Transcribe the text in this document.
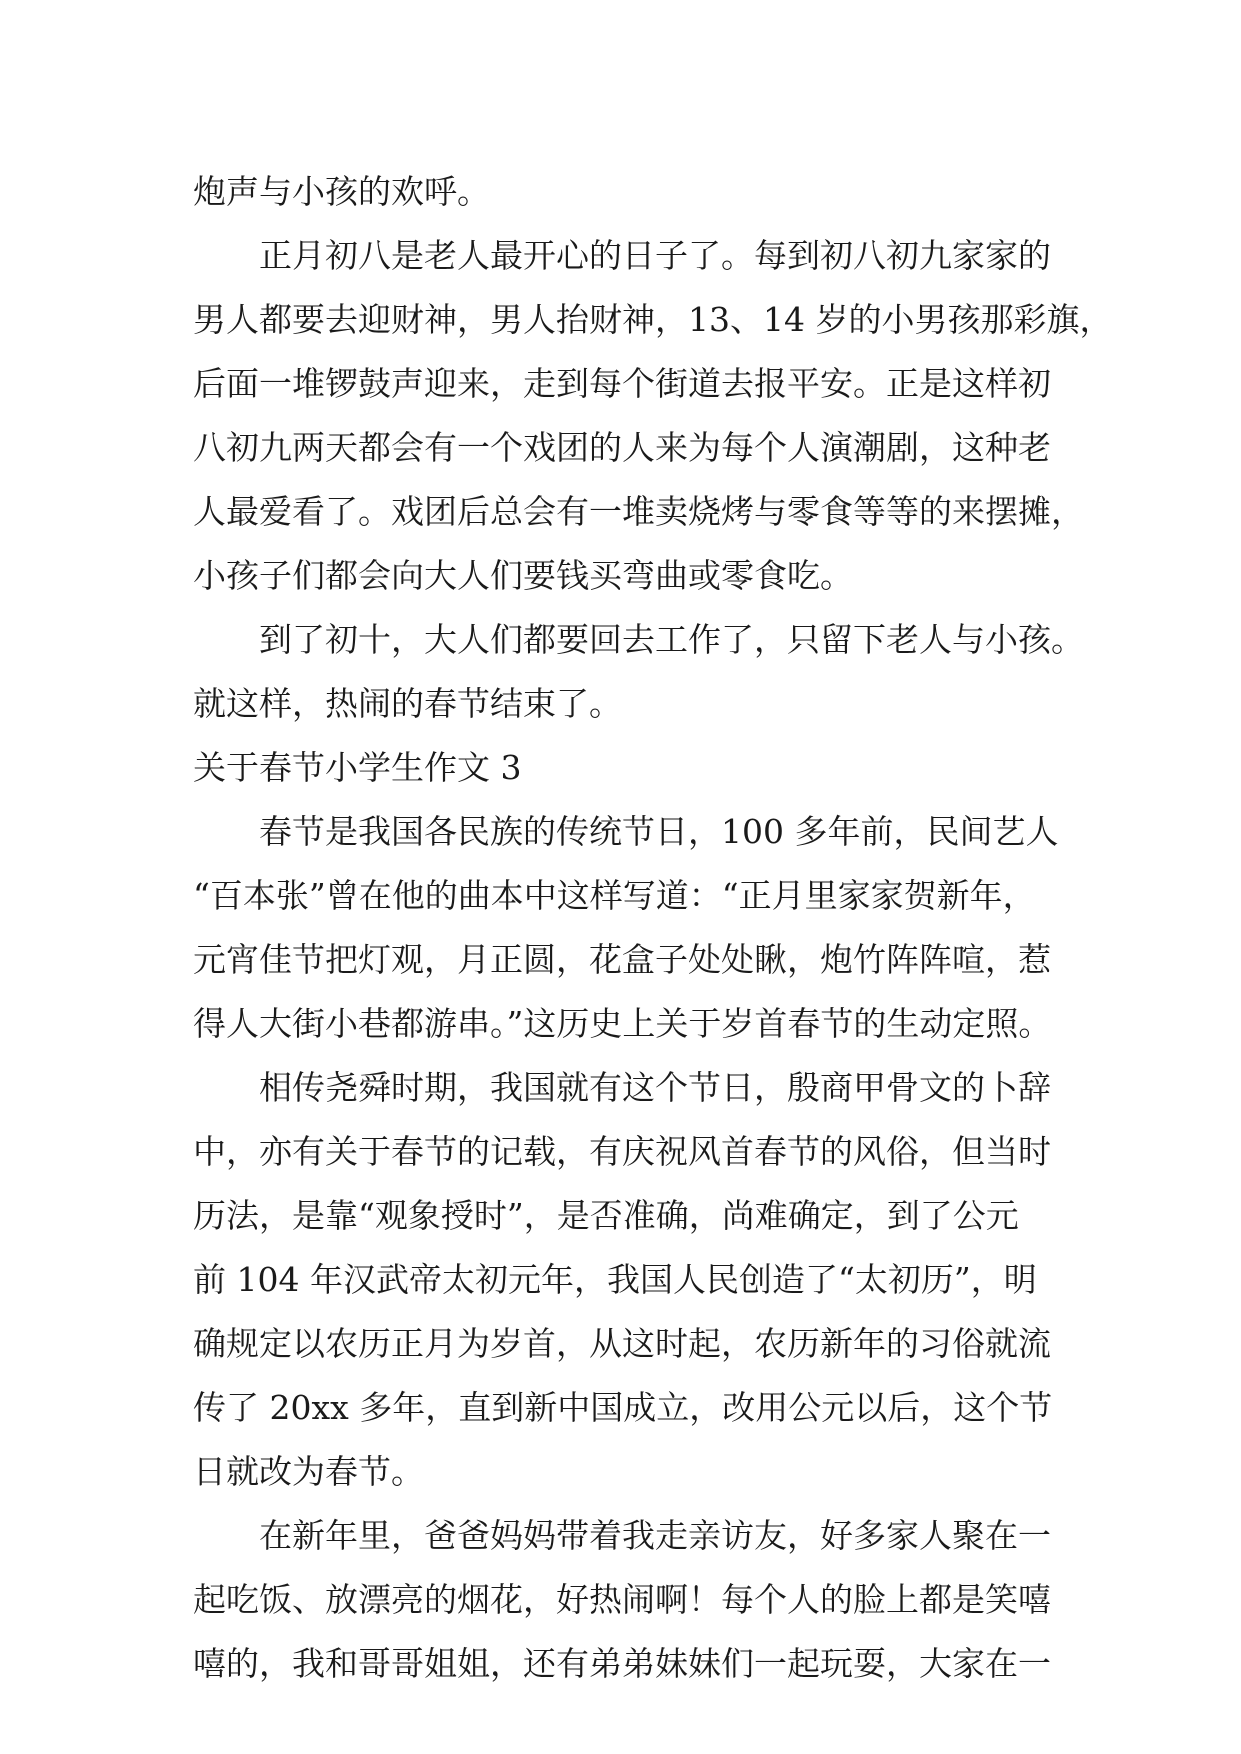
炮声与小孩的欢呼。
正月初八是老人最开心的日子了。每到初八初九家家的
男人都要去迎财神，男人抬财神，13、14 岁的小男孩那彩旗，
后面一堆锣鼓声迎来，走到每个街道去报平安。正是这样初
八初九两天都会有一个戏团的人来为每个人演潮剧，这种老
人最爱看了。戏团后总会有一堆卖烧烤与零食等等的来摆摊，
小孩子们都会向大人们要钱买弯曲或零食吃。
到了初十，大人们都要回去工作了，只留下老人与小孩。
就这样，热闹的春节结束了。
关于春节小学生作文 3
春节是我国各民族的传统节日，100 多年前，民间艺人
“百本张”曾在他的曲本中这样写道：“正月里家家贺新年，
元宵佳节把灯观，月正圆，花盒子处处瞅，炮竹阵阵喧，惹
得人大街小巷都游串。”这历史上关于岁首春节的生动定照。
相传尧舜时期，我国就有这个节日，殷商甲骨文的卜辞
中，亦有关于春节的记载，有庆祝风首春节的风俗，但当时
历法，是靠“观象授时”，是否准确，尚难确定，到了公元
前 104 年汉武帝太初元年，我国人民创造了“太初历”，明
确规定以农历正月为岁首，从这时起，农历新年的习俗就流
传了 20xx 多年，直到新中国成立，改用公元以后，这个节
日就改为春节。
在新年里，爸爸妈妈带着我走亲访友，好多家人聚在一
起吃饭、放漂亮的烟花，好热闹啊！每个人的脸上都是笑嘻
嘻的，我和哥哥姐姐，还有弟弟妹妹们一起玩耍，大家在一
